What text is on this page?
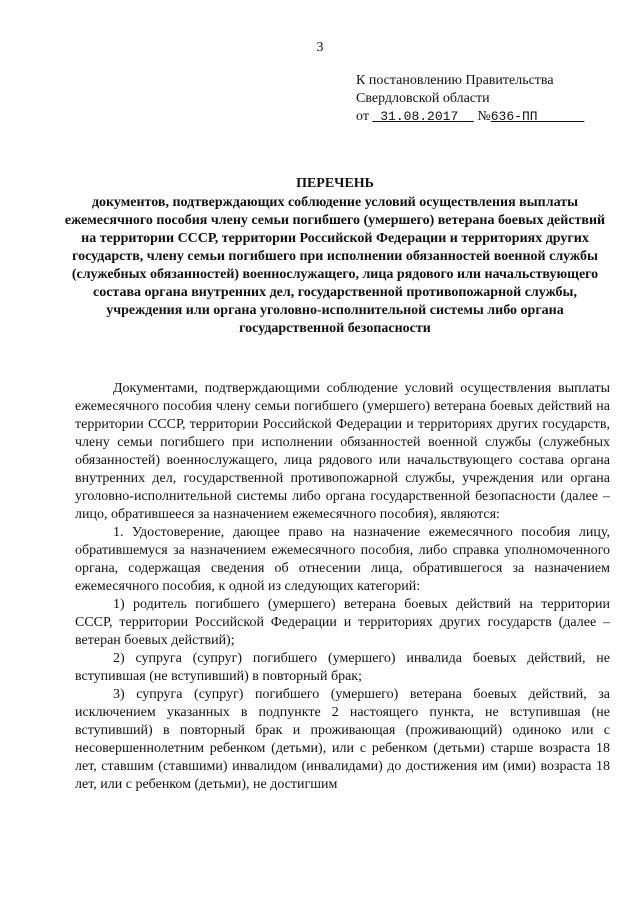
3
К постановлению Правительства
Свердловской области
от 31.08.2017 №636-ПП
ПЕРЕЧЕНЬ
документов, подтверждающих соблюдение условий осуществления выплаты ежемесячного пособия члену семьи погибшего (умершего) ветерана боевых действий на территории СССР, территории Российской Федерации и территориях других государств, члену семьи погибшего при исполнении обязанностей военной службы (служебных обязанностей) военнослужащего, лица рядового или начальствующего состава органа внутренних дел, государственной противопожарной службы, учреждения или органа уголовно-исполнительной системы либо органа государственной безопасности

Документами, подтверждающими соблюдение условий осуществления выплаты ежемесячного пособия члену семьи погибшего (умершего) ветерана боевых действий на территории СССР, территории Российской Федерации и территориях других государств, члену семьи погибшего при исполнении обязанностей военной службы (служебных обязанностей) военнослужащего, лица рядового или начальствующего состава органа внутренних дел, государственной противопожарной службы, учреждения или органа уголовно-исполнительной системы либо органа государственной безопасности (далее – лицо, обратившееся за назначением ежемесячного пособия), являются:

1. Удостоверение, дающее право на назначение ежемесячного пособия лицу, обратившемуся за назначением ежемесячного пособия, либо справка уполномоченного органа, содержащая сведения об отнесении лица, обратившегося за назначением ежемесячного пособия, к одной из следующих категорий:

1) родитель погибшего (умершего) ветерана боевых действий на территории СССР, территории Российской Федерации и территориях других государств (далее – ветеран боевых действий);

2) супруга (супруг) погибшего (умершего) инвалида боевых действий, не вступившая (не вступивший) в повторный брак;

3) супруга (супруг) погибшего (умершего) ветерана боевых действий, за исключением указанных в подпункте 2 настоящего пункта, не вступившая (не вступивший) в повторный брак и проживающая (проживающий) одиноко или с несовершеннолетним ребенком (детьми), или с ребенком (детьми) старше возраста 18 лет, ставшим (ставшими) инвалидом (инвалидами) до достижения им (ими) возраста 18 лет, или с ребенком (детьми), не достигшим
